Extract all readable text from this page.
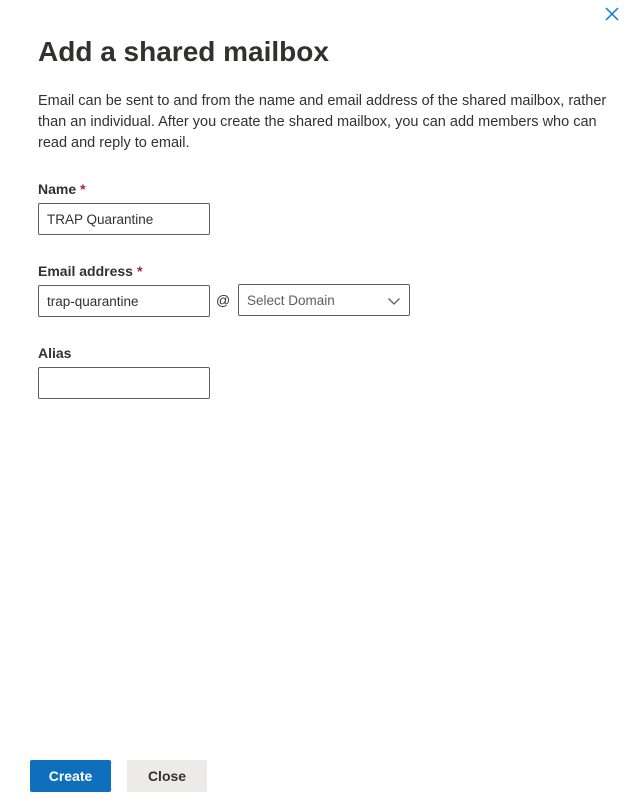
Add a shared mailbox

Email can be sent to and from the name and email address of the shared mailbox, rather than an individual. After you create the shared mailbox, you can add members who can read and reply to email.

Name *
TRAP Quarantine
Email address *
trap-quarantine
@ Select Domain
Alias
Create	Close
